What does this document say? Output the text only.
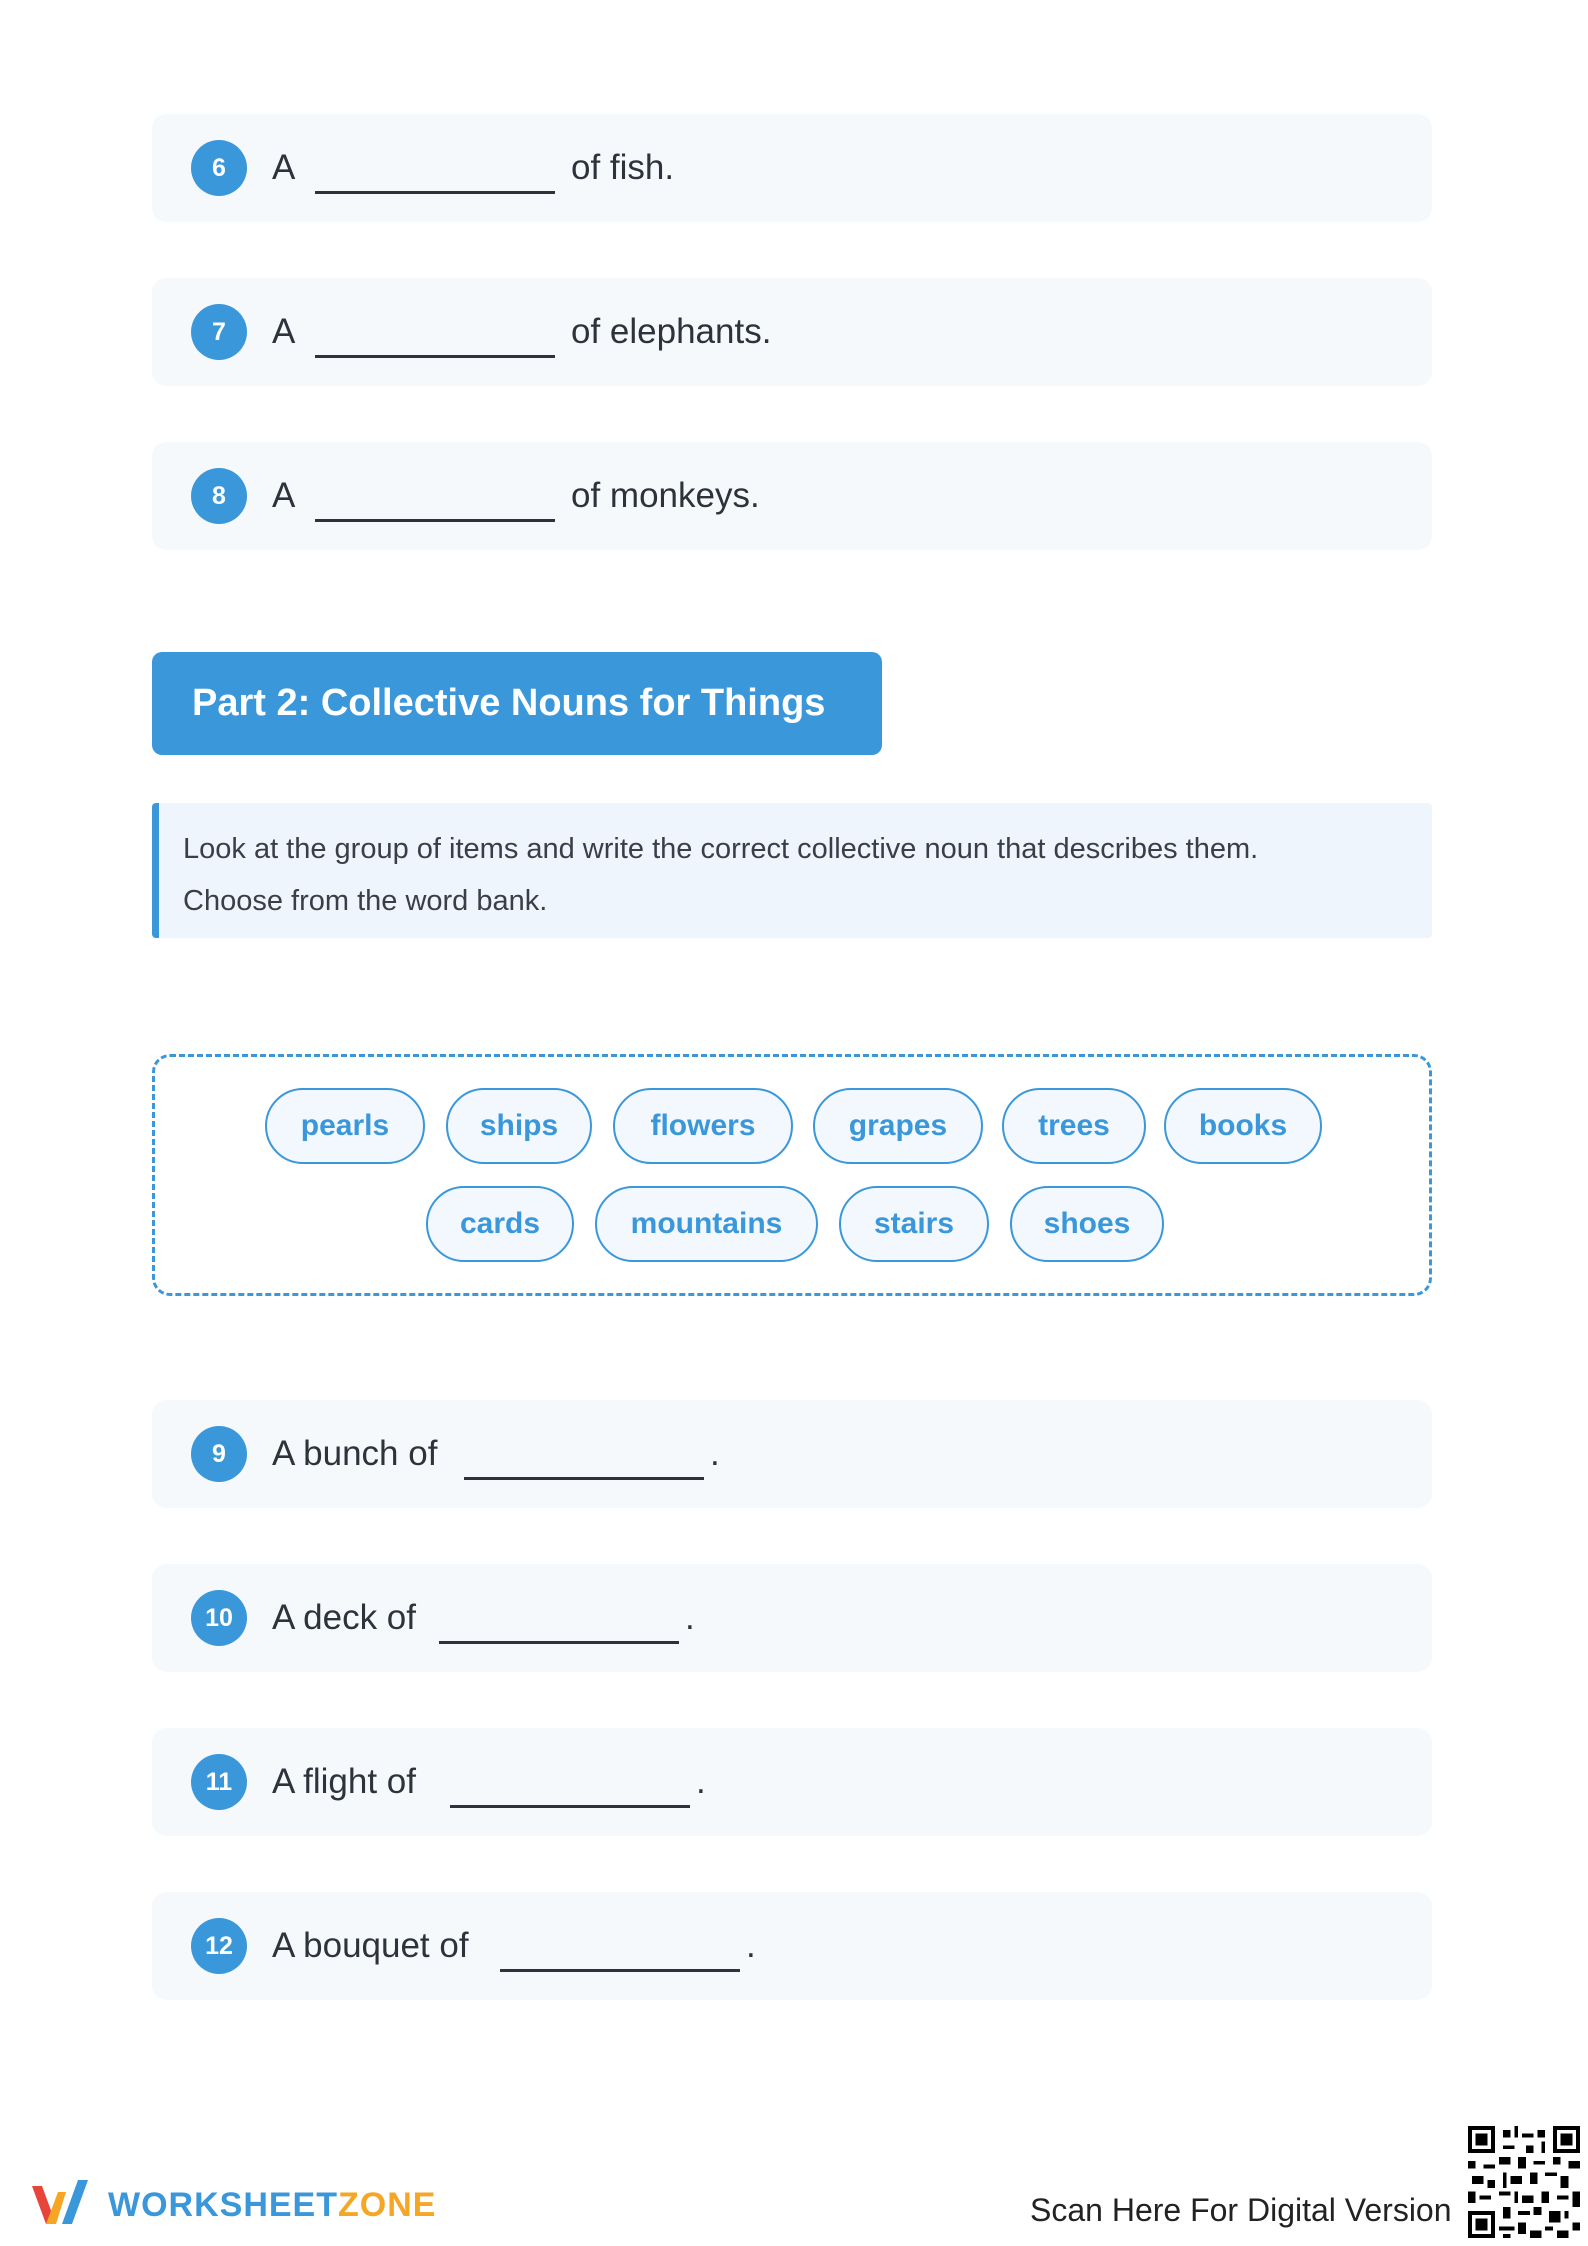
6	A	of fish.
7	A	of elephants.
8	A	of monkeys.
Part 2: Collective Nouns for Things
Look at the group of items and write the correct collective noun that describes them.
Choose from the word bank.
pearls	ships	flowers	grapes	trees	books
cards	mountains	stairs	shoes
9	A bunch of	.
10	A deck of	.
11	A flight of	.
12	A bouquet of	.
WORKSHEETZONE	Scan Here For Digital Version
